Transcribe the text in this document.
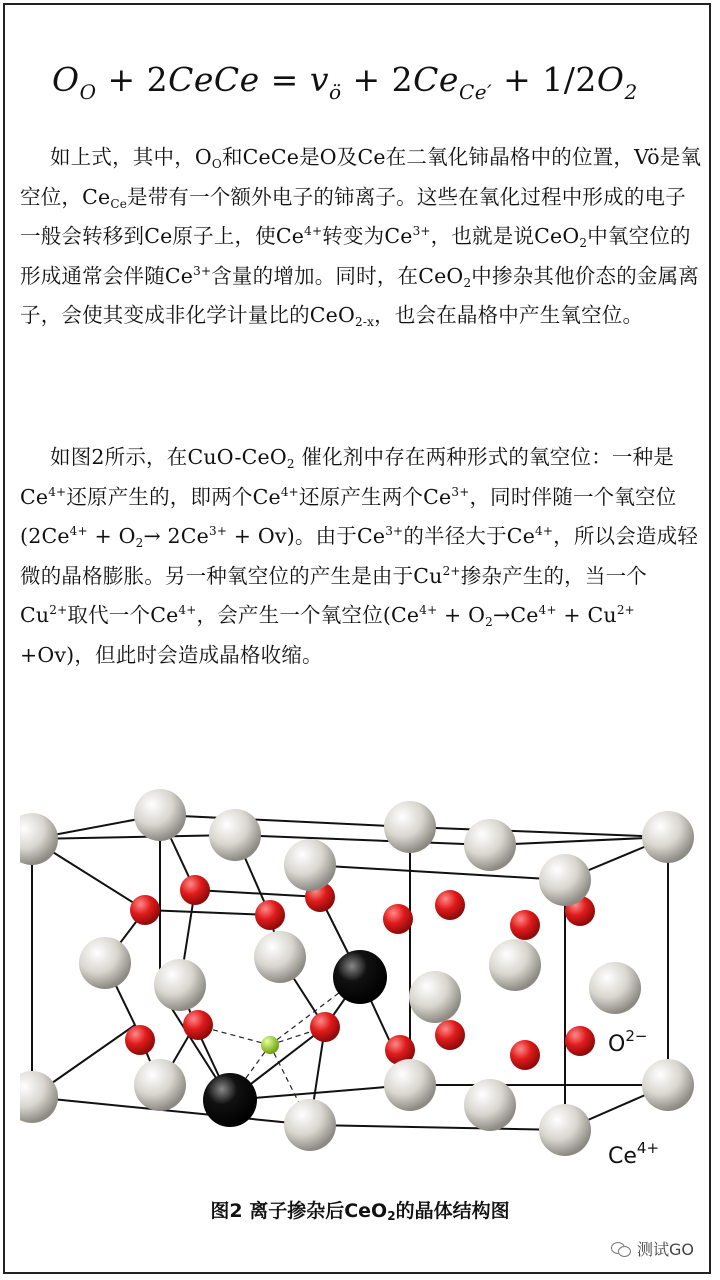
$O_O$ + 2CeCe = $v_ö + 2Ce_{Ce'} + 1/2O_2$
如上式，其中，$O_O$和CeCe是O及Ce在二氧化铈晶格中的位置，Vö是氧空位，$Ce_{Ce}$是带有一个额外电子的铈离子。这些在氧化过程中形成的电子一般会转移到Ce原子上，使$Ce^{4+}$转变为$Ce^{3+}$，也就是说CeO$_2$中氧空位的形成通常会伴随$Ce^{3+}$含量的增加。同时，在CeO$_2$中掺杂其他价态的金属离子，会使其变成非化学计量比的CeO$_{2-x}$，也会在晶格中产生氧空位。
如图2所示，在CuO-CeO$_2$ 催化剂中存在两种形式的氧空位：一种是$Ce^{4+}$还原产生的，即两个$Ce^{4+}$还原产生两个$Ce^{3+}$，同时伴随一个氧空位$(2Ce^{4+} + O_2\to 2Ce^{3+} + Ov)$。由于$Ce^{3+}$的半径大于$Ce^{4+}$，所以会造成轻微的晶格膨胀。另一种氧空位的产生是由于$Cu^{2+}$掺杂产生的，当一个$Cu^{2+}$取代一个$Ce^{4+}$，会产生一个氧空位$(Ce^{4+} + O_2\to Ce^{4+} + Cu^{2+} +Ov)$，但此时会造成晶格收缩。
$O^{2-}$
$Ce^{4+}$
图2 离子掺杂后CeO$_2$的晶体结构图
测试GO
